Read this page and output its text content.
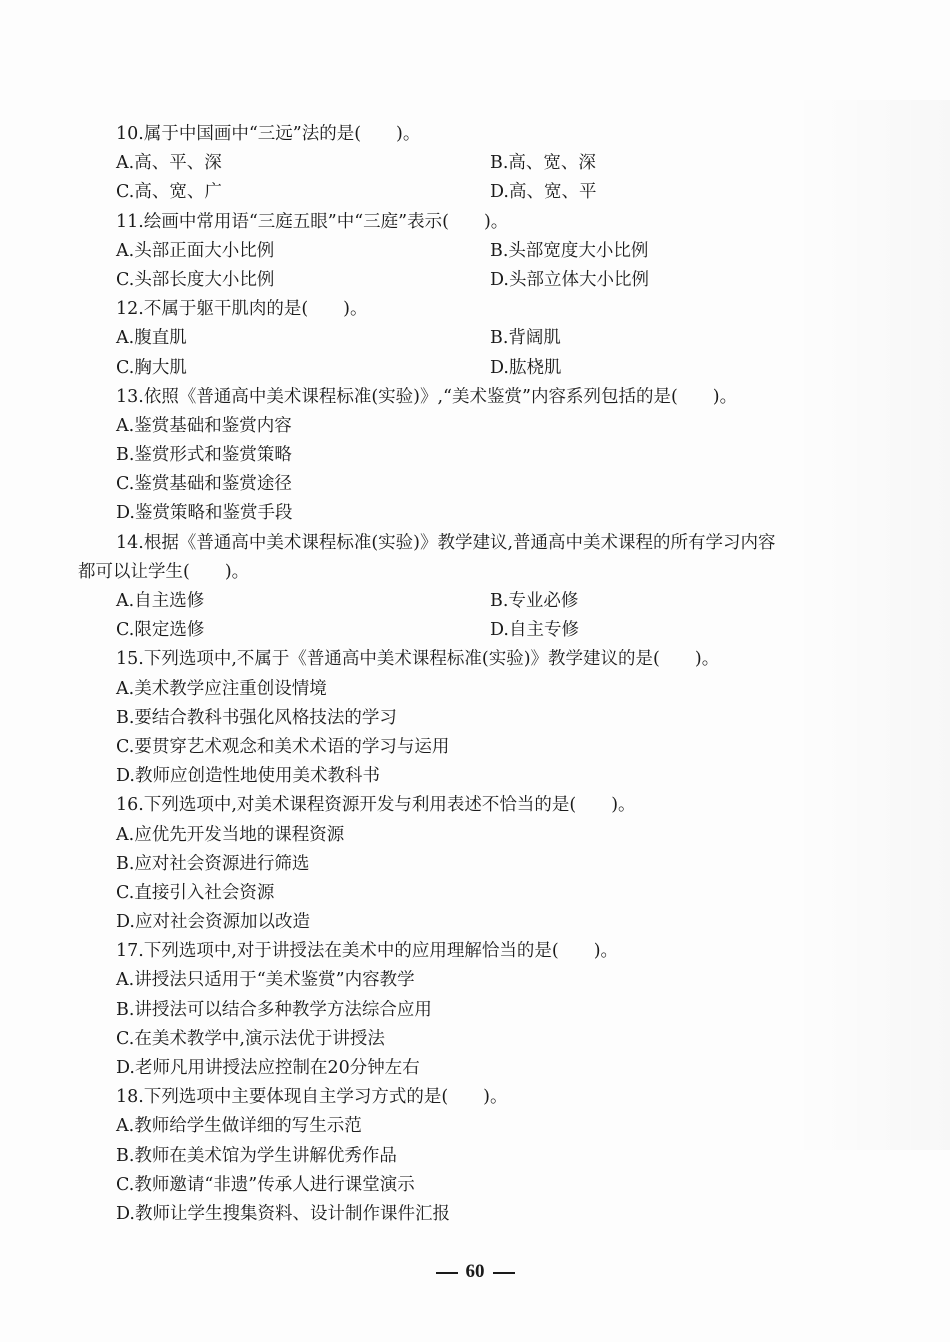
10.属于中国画中“三远”法的是(　　)。
A.高、平、深	B.高、宽、深
C.高、宽、广	D.高、宽、平
11.绘画中常用语“三庭五眼”中“三庭”表示(　　)。
A.头部正面大小比例	B.头部宽度大小比例
C.头部长度大小比例	D.头部立体大小比例
12.不属于躯干肌肉的是(　　)。
A.腹直肌	B.背阔肌
C.胸大肌	D.肱桡肌
13.依照《普通高中美术课程标准(实验)》,“美术鉴赏”内容系列包括的是(　　)。
A.鉴赏基础和鉴赏内容
B.鉴赏形式和鉴赏策略
C.鉴赏基础和鉴赏途径
D.鉴赏策略和鉴赏手段
14.根据《普通高中美术课程标准(实验)》教学建议,普通高中美术课程的所有学习内容
都可以让学生(　　)。
A.自主选修	B.专业必修
C.限定选修	D.自主专修
15.下列选项中,不属于《普通高中美术课程标准(实验)》教学建议的是(　　)。
A.美术教学应注重创设情境
B.要结合教科书强化风格技法的学习
C.要贯穿艺术观念和美术术语的学习与运用
D.教师应创造性地使用美术教科书
16.下列选项中,对美术课程资源开发与利用表述不恰当的是(　　)。
A.应优先开发当地的课程资源
B.应对社会资源进行筛选
C.直接引入社会资源
D.应对社会资源加以改造
17.下列选项中,对于讲授法在美术中的应用理解恰当的是(　　)。
A.讲授法只适用于“美术鉴赏”内容教学
B.讲授法可以结合多种教学方法综合应用
C.在美术教学中,演示法优于讲授法
D.老师凡用讲授法应控制在20分钟左右
18.下列选项中主要体现自主学习方式的是(　　)。
A.教师给学生做详细的写生示范
B.教师在美术馆为学生讲解优秀作品
C.教师邀请“非遗”传承人进行课堂演示
D.教师让学生搜集资料、设计制作课件汇报
60
